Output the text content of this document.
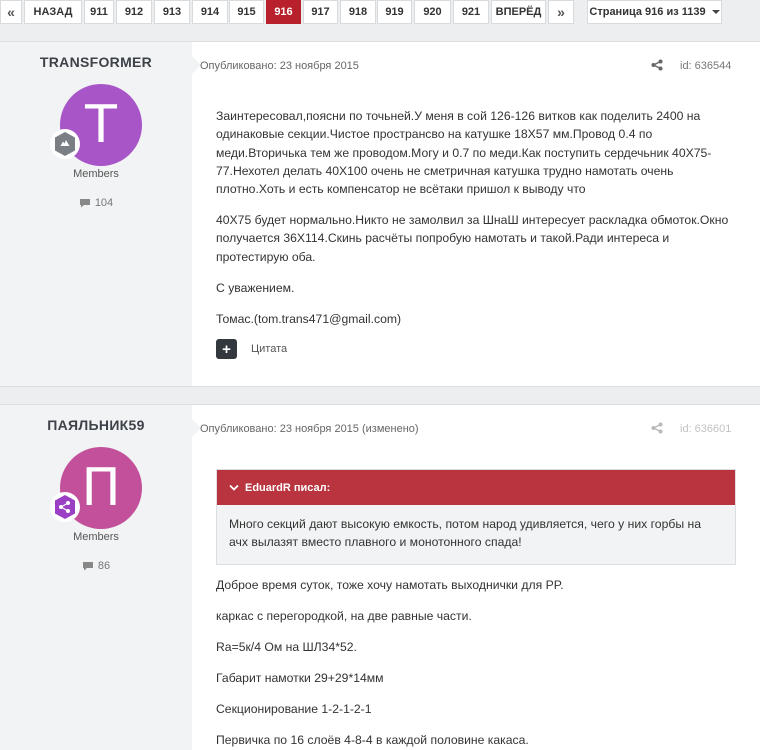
« НАЗАД 911 912 913 914 915 916 917 918 919 920 921 ВПЕРЁД » Страница 916 из 1139
TRANSFORMER
T
Members
104
Опубликовано: 23 ноября 2015	id: 636544

Заинтересовал,поясни по точьней.У меня в сой 126-126 витков как поделить 2400 на одинаковые секции.Чистое пространсво на катушке 18Х57 мм.Провод 0.4 по меди.Вторичька тем же проводом.Могу и 0.7 по меди.Как поступить сердечьник 40Х75-77.Нехотел делать 40Х100 очень не сметричная катушка трудно намотать очень плотно.Хоть и есть компенсатор не всётаки пришол к выводу что

40Х75 будет нормально.Никто не замолвил за ШнаШ интересует раскладка обмоток.Окно получается 36Х114.Скинь расчёты попробую намотать и такой.Ради интереса и протестирую оба.

С уважением.

Томас.(tom.trans471@gmail.com)

+	Цитата
ПАЯЛЬНИК59
П
Members
86
Опубликовано: 23 ноября 2015 (изменено)	id: 636601
EduardR писал:
Много секций дают высокую емкость, потом народ удивляется, чего у них горбы на ачх вылазят вместо плавного и монотонного спада!

Доброе время суток, тоже хочу намотать выходнички для PP.

каркас с перегородкой, на две равные части.

Ra=5к/4 Ом на ШЛ34*52.

Габарит намотки 29+29*14мм

Секционирование 1-2-1-2-1

Первичка по 16 слоёв 4-8-4 в каждой половине какаса.
